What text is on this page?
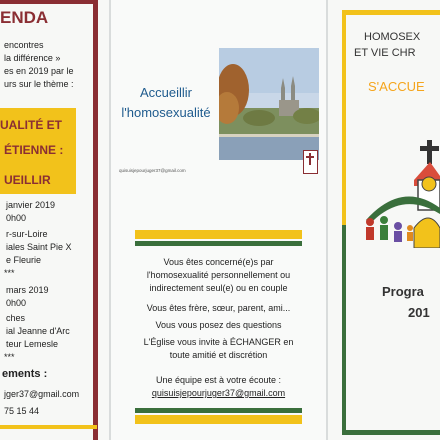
ENDA
encontres
la différence »
es en 2019 par le
urs sur le thème :
UALITÉ ET
ÉTIENNE :
UEILLIR
janvier 2019
0h00
r-sur-Loire
iales Saint Pie X
e Fleurie
***
mars 2019
0h00
ches
ial Jeanne d'Arc
teur Lemesle
***
ements :
jger37@gmail.com
75 15 44
Accueillir
l'homosexualité
quisuisjepourjuger37@gmail.com
Vous êtes concerné(e)s par
l'homosexualité personnellement ou
indirectement seul(e) ou en couple
Vous êtes frère, sœur, parent, ami...
Vous vous posez des questions
L'Église vous invite à ÉCHANGER en
toute amitié et discrétion
Une équipe est à votre écoute :
quisuisjepourjuger37@gmail.com
HOMOSEX
ET VIE CHR
S'ACCUE
Progra
201
